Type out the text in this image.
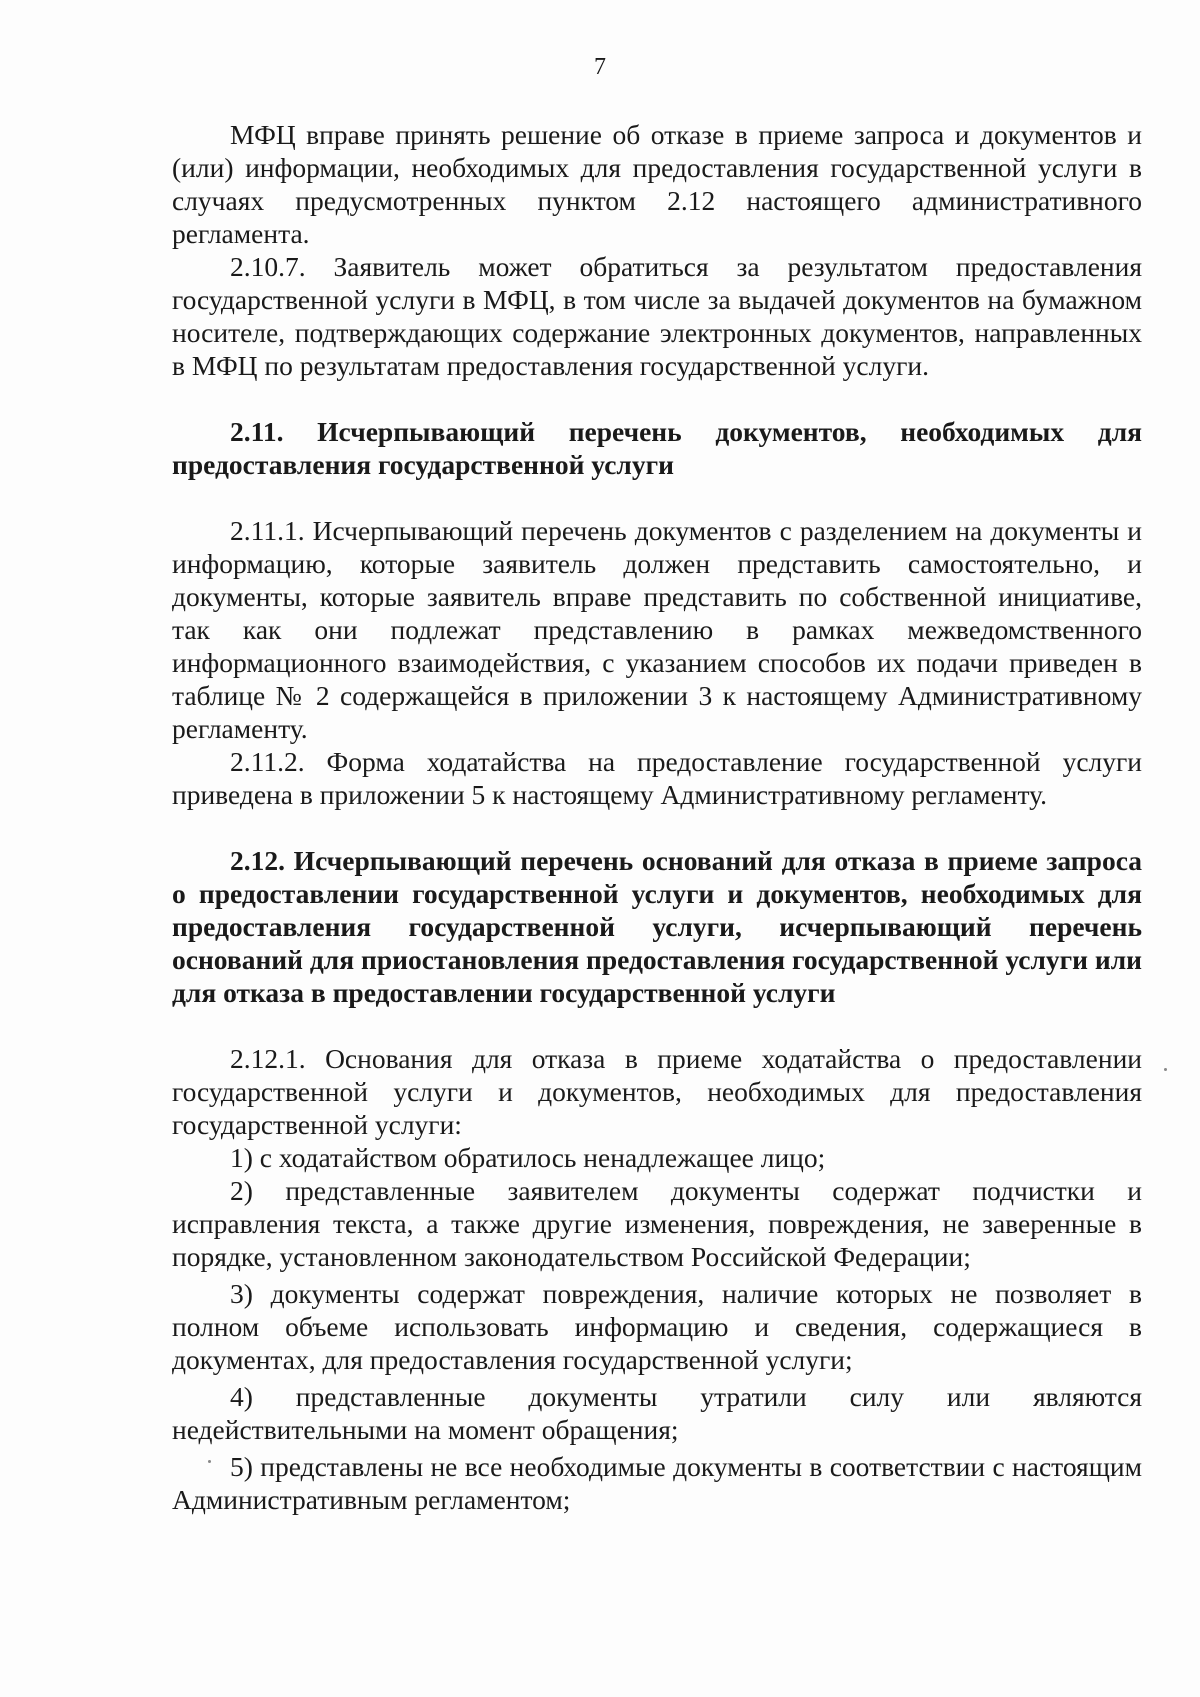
7

МФЦ вправе принять решение об отказе в приеме запроса и документов и (или) информации, необходимых для предоставления государственной услуги в случаях предусмотренных пунктом 2.12 настоящего административного регламента.

2.10.7. Заявитель может обратиться за результатом предоставления государственной услуги в МФЦ, в том числе за выдачей документов на бумажном носителе, подтверждающих содержание электронных документов, направленных в МФЦ по результатам предоставления государственной услуги.

2.11. Исчерпывающий перечень документов, необходимых для предоставления государственной услуги

2.11.1. Исчерпывающий перечень документов с разделением на документы и информацию, которые заявитель должен представить самостоятельно, и документы, которые заявитель вправе представить по собственной инициативе, так как они подлежат представлению в рамках межведомственного информационного взаимодействия, с указанием способов их подачи приведен в таблице № 2 содержащейся в приложении 3 к настоящему Административному регламенту.

2.11.2. Форма ходатайства на предоставление государственной услуги приведена в приложении 5 к настоящему Административному регламенту.

2.12. Исчерпывающий перечень оснований для отказа в приеме запроса о предоставлении государственной услуги и документов, необходимых для предоставления государственной услуги, исчерпывающий перечень оснований для приостановления предоставления государственной услуги или для отказа в предоставлении государственной услуги

2.12.1. Основания для отказа в приеме ходатайства о предоставлении государственной услуги и документов, необходимых для предоставления государственной услуги:

1) с ходатайством обратилось ненадлежащее лицо;

2) представленные заявителем документы содержат подчистки и исправления текста, а также другие изменения, повреждения, не заверенные в порядке, установленном законодательством Российской Федерации;

3) документы содержат повреждения, наличие которых не позволяет в полном объеме использовать информацию и сведения, содержащиеся в документах, для предоставления государственной услуги;

4) представленные документы утратили силу или являются недействительными на момент обращения;

5) представлены не все необходимые документы в соответствии с настоящим Административным регламентом;
